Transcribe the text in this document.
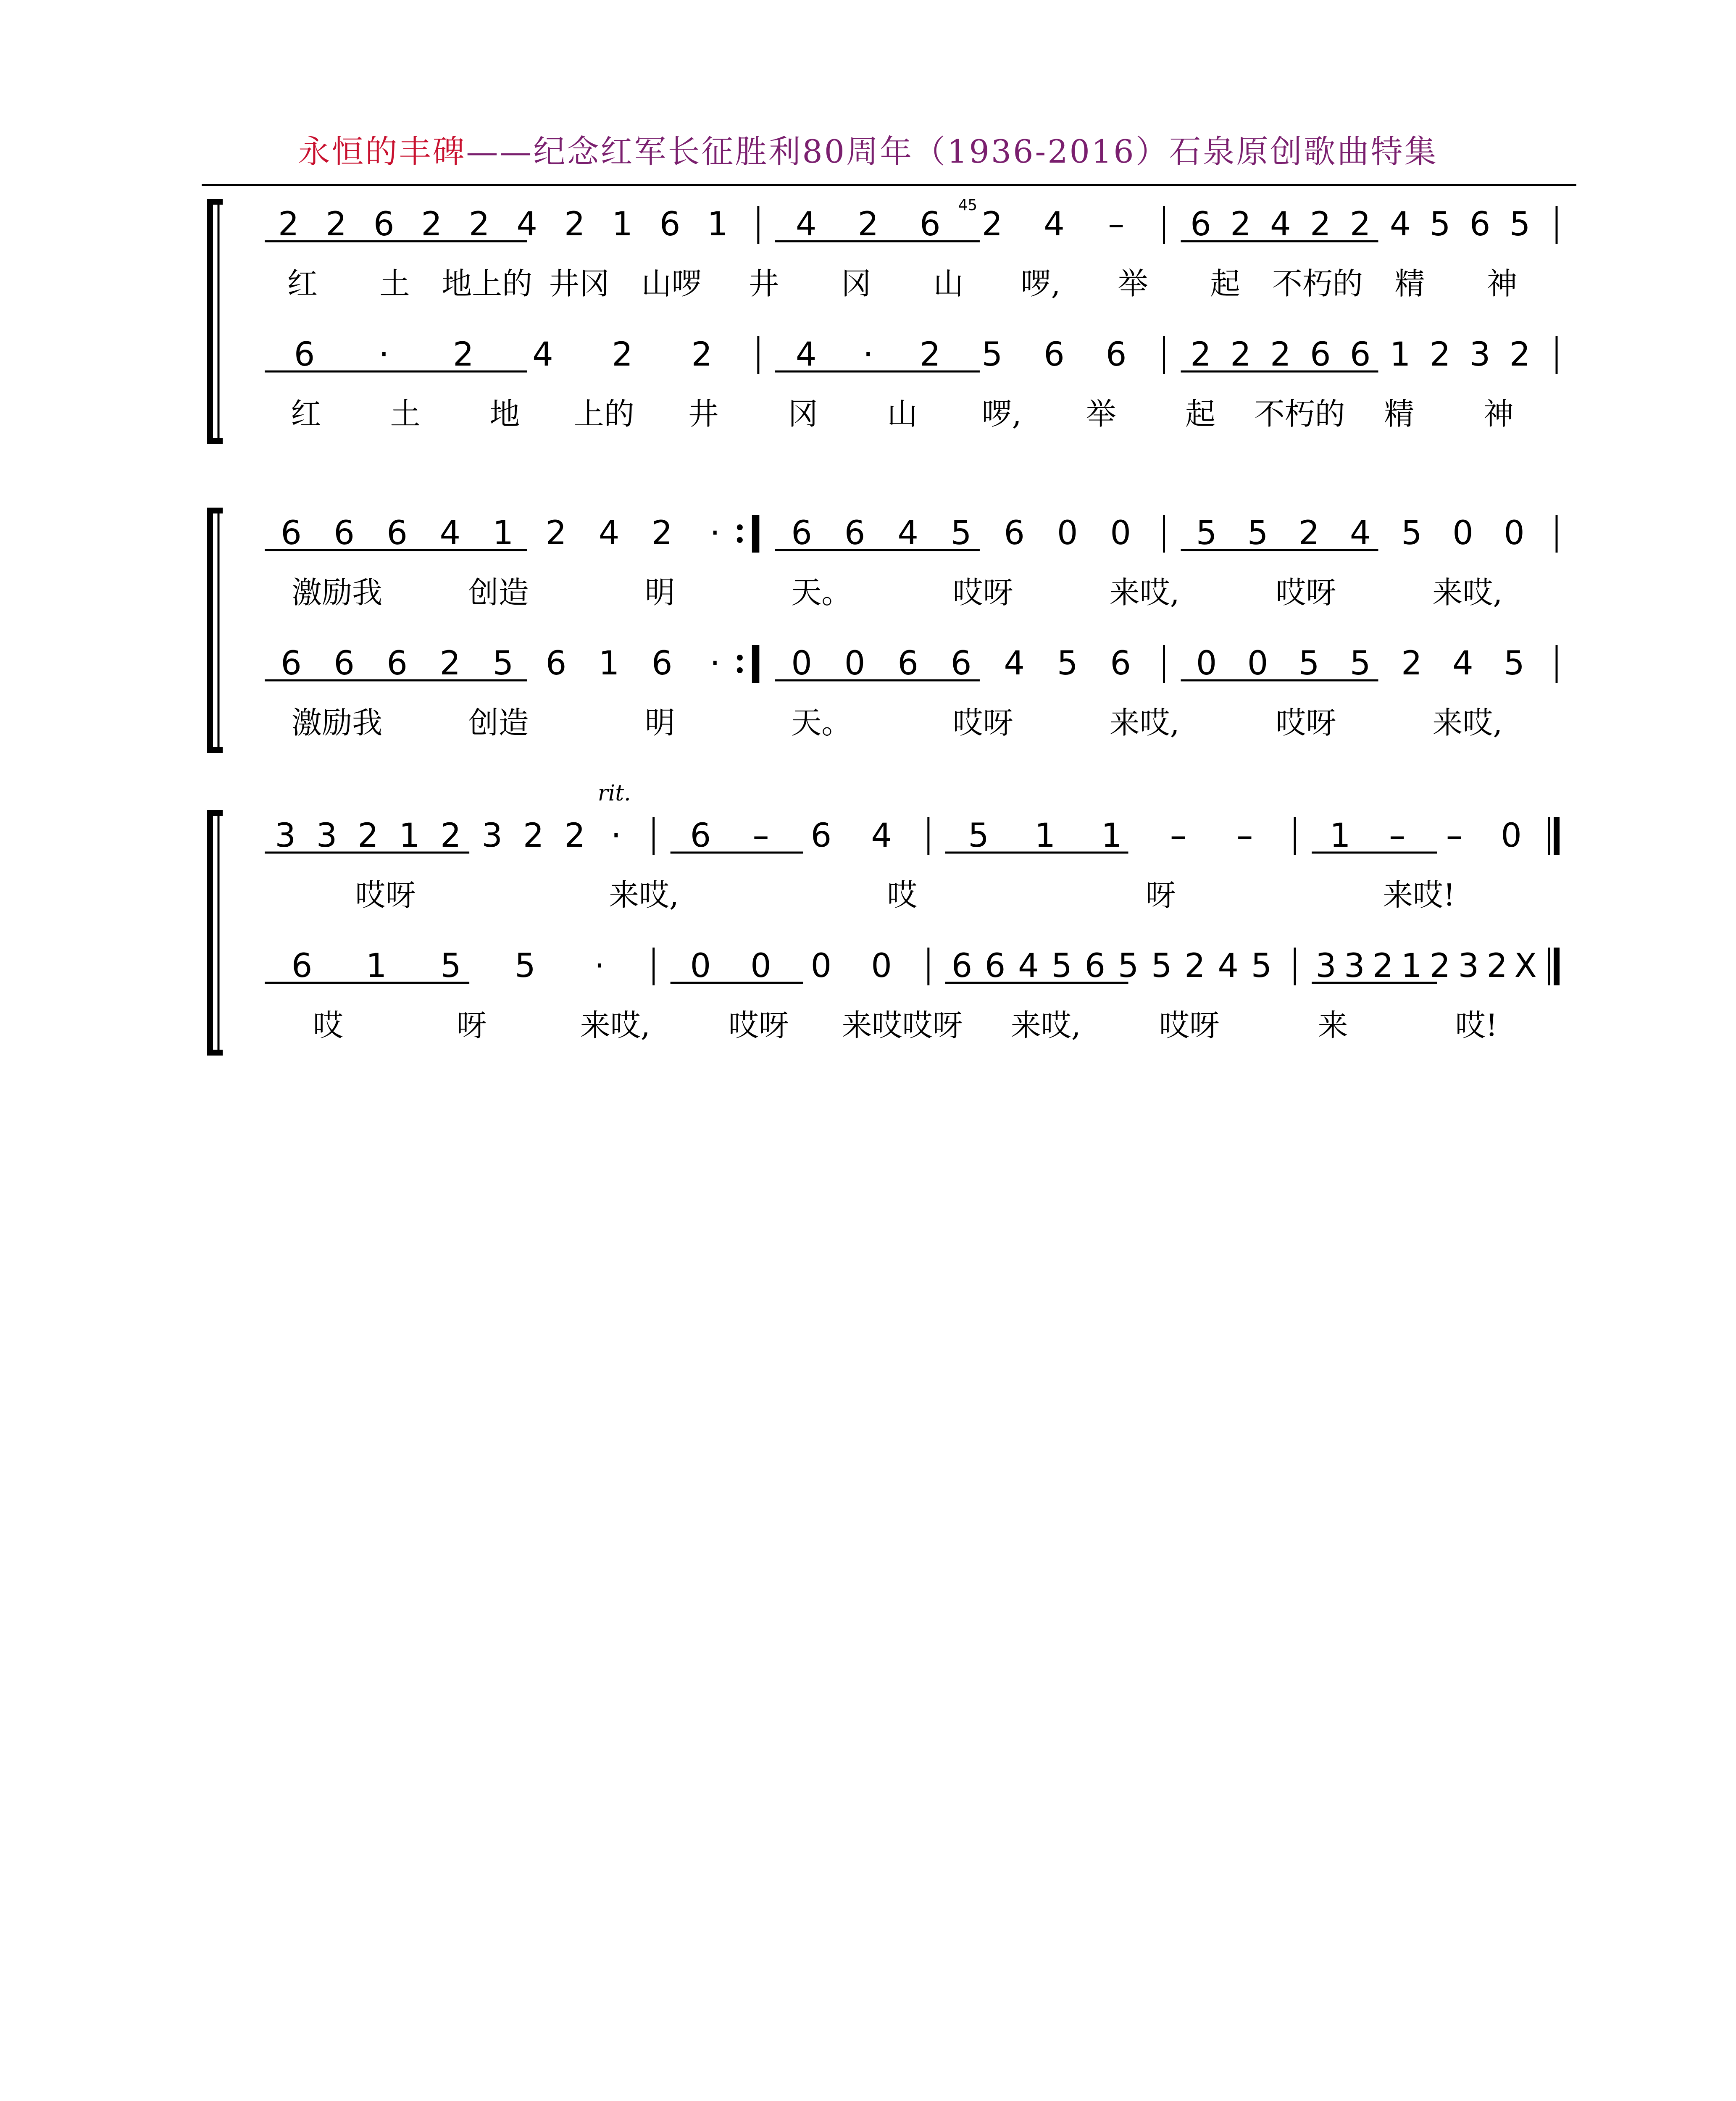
永恒的丰碑——纪念红军长征胜利80周年（1936-2016）石泉原创歌曲特集
2 2 6 2 2 4 2 1 6 1 4 2 6 2 4 – 6 2 4 2 2 4 5 6 5
红 土 地上的 井冈 山啰 井 冈 山 啰, 举 起 不朽的 精 神
45
6 · 2 4 2 2	4 · 2 5 6 6 2 2 2 6 6 1 2 3 2
红 土 地 上的 井 冈 山 啰, 举 起 不朽的 精 神
6 6 6 4 1 2 4 2 · 6 6 4 5 6 0 0 5 5 2 4 5 0 0
激励我	创造	明	天。	哎呀	来哎,	哎呀	来哎,
6 6 6 2 5 6 1 6 · 0 0 6 6 4 5 6 0 0 5 5 2 4 5
激励我	创造	明	天。	哎呀	来哎,	哎呀	来哎,
rit.
3 3 2 1 2 3 2 2 · 6 – 6 4 5 1 1 – – 1 – – 0
哎呀	来哎,	哎	呀	来哎!
6 1 5 5 ·	0 0 0 0 6 6 4 5 6 5 5 2 4 5 3 3 2 1 2 3 2 X
哎	呀	来哎,	哎呀 来哎哎呀 来哎,	哎呀	来	哎!
